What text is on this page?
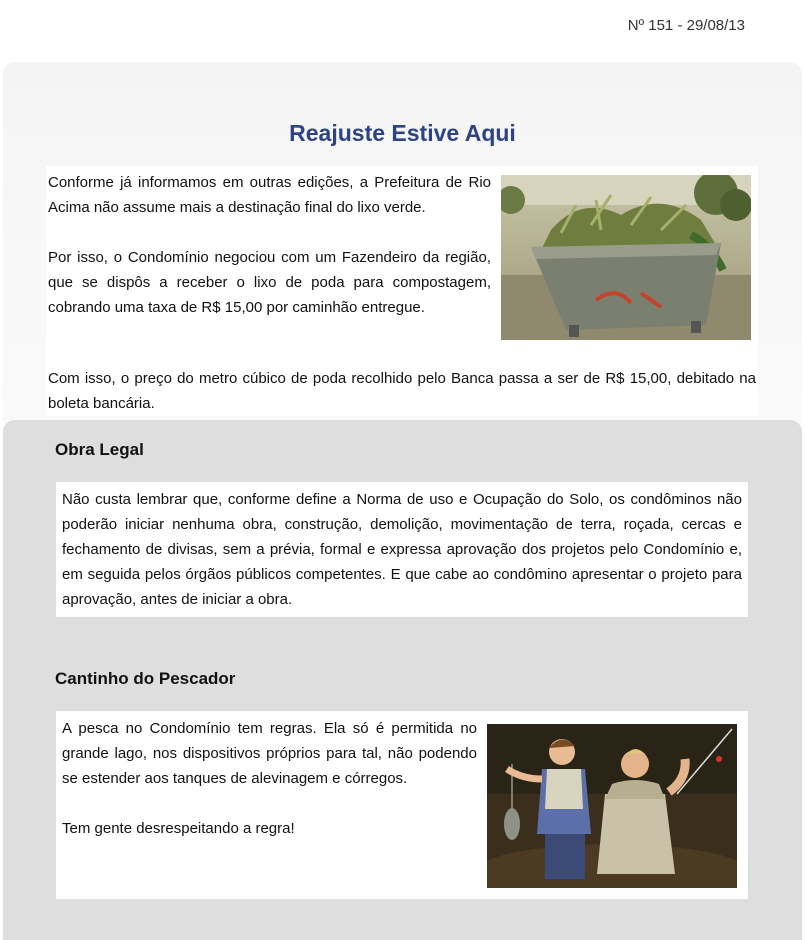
Nº 151 - 29/08/13
Reajuste Estive Aqui

Conforme já informamos em outras edições, a Prefeitura de Rio Acima não assume mais a destinação final do lixo verde.

Por isso, o Condomínio negociou com um Fazendeiro da região, que se dispôs a receber o lixo de poda para compostagem, cobrando uma taxa de R$ 15,00 por caminhão entregue.

Com isso, o preço do metro cúbico de poda recolhido pelo Banca passa a ser de R$ 15,00, debitado na boleta bancária.
Obra Legal
Não custa lembrar que, conforme define a Norma de uso e Ocupação do Solo, os condôminos não poderão iniciar nenhuma obra, construção, demolição, movimentação de terra, roçada, cercas e fechamento de divisas, sem a prévia, formal e expressa aprovação dos projetos pelo Condomínio e, em seguida pelos órgãos públicos competentes. E que cabe ao condômino apresentar o projeto para aprovação, antes de iniciar a obra.
Cantinho do Pescador

A pesca no Condomínio tem regras. Ela só é permitida no grande lago, nos dispositivos próprios para tal, não podendo se estender aos tanques de alevinagem e córregos.

Tem gente desrespeitando a regra!
